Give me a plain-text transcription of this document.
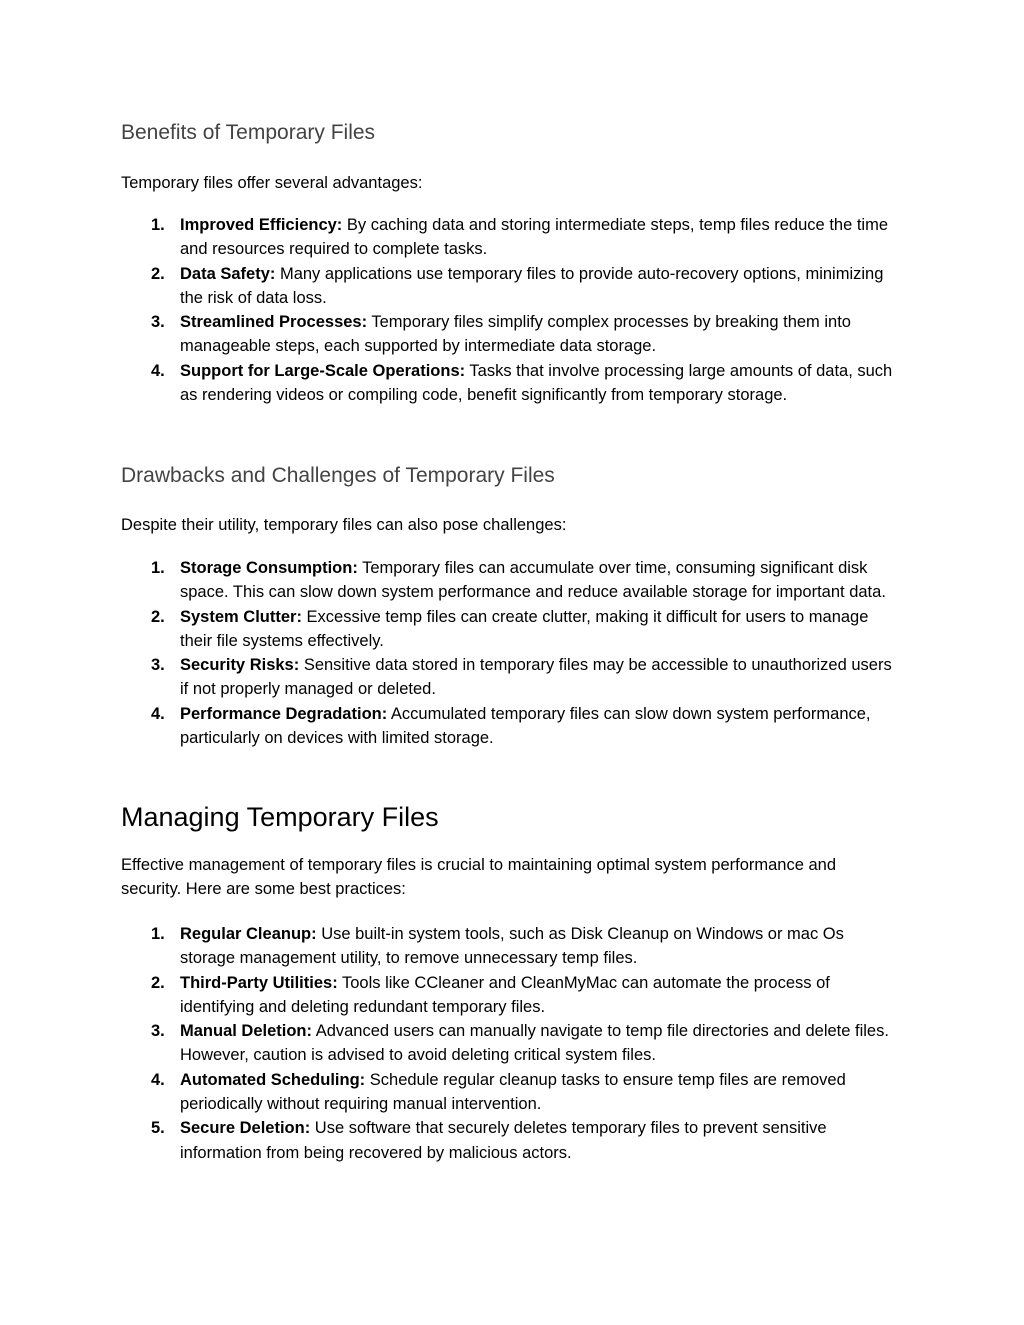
Benefits of Temporary Files

Temporary files offer several advantages:

1. Improved Efficiency: By caching data and storing intermediate steps, temp files reduce the time and resources required to complete tasks.
2. Data Safety: Many applications use temporary files to provide auto-recovery options, minimizing the risk of data loss.
3. Streamlined Processes: Temporary files simplify complex processes by breaking them into manageable steps, each supported by intermediate data storage.
4. Support for Large-Scale Operations: Tasks that involve processing large amounts of data, such as rendering videos or compiling code, benefit significantly from temporary storage.
Drawbacks and Challenges of Temporary Files

Despite their utility, temporary files can also pose challenges:

1. Storage Consumption: Temporary files can accumulate over time, consuming significant disk space. This can slow down system performance and reduce available storage for important data.
2. System Clutter: Excessive temp files can create clutter, making it difficult for users to manage their file systems effectively.
3. Security Risks: Sensitive data stored in temporary files may be accessible to unauthorized users if not properly managed or deleted.
4. Performance Degradation: Accumulated temporary files can slow down system performance, particularly on devices with limited storage.
Managing Temporary Files

Effective management of temporary files is crucial to maintaining optimal system performance and security. Here are some best practices:

1. Regular Cleanup: Use built-in system tools, such as Disk Cleanup on Windows or mac Os storage management utility, to remove unnecessary temp files.
2. Third-Party Utilities: Tools like CCleaner and CleanMyMac can automate the process of identifying and deleting redundant temporary files.
3. Manual Deletion: Advanced users can manually navigate to temp file directories and delete files. However, caution is advised to avoid deleting critical system files.
4. Automated Scheduling: Schedule regular cleanup tasks to ensure temp files are removed periodically without requiring manual intervention.
5. Secure Deletion: Use software that securely deletes temporary files to prevent sensitive information from being recovered by malicious actors.
